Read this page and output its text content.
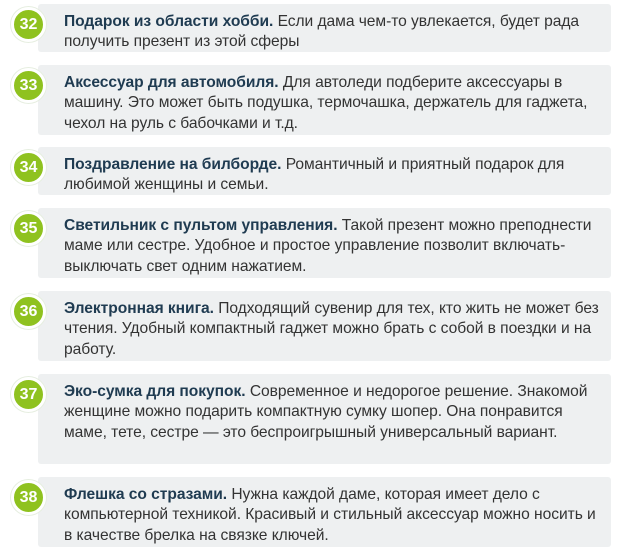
Подарок из области хобби. Если дама чем-то увлекается, будет рада получить презент из этой сферы
32
Аксессуар для автомобиля. Для автоледи подберите аксессуары в машину. Это может быть подушка, термочашка, держатель для гаджета, чехол на руль с бабочками и т.д.
33
Поздравление на билборде. Романтичный и приятный подарок для любимой женщины и семьи.
34
Светильник с пультом управления. Такой презент можно преподнести маме или сестре. Удобное и простое управление позволит включать-выключать свет одним нажатием.
35
Электронная книга. Подходящий сувенир для тех, кто жить не может без чтения. Удобный компактный гаджет можно брать с собой в поездки и на работу.
36
Эко-сумка для покупок. Современное и недорогое решение. Знакомой женщине можно подарить компактную сумку шопер. Она понравится маме, тете, сестре — это беспроигрышный универсальный вариант.
37
Флешка со стразами. Нужна каждой даме, которая имеет дело с компьютерной техникой. Красивый и стильный аксессуар можно носить и в качестве брелка на связке ключей.
38
